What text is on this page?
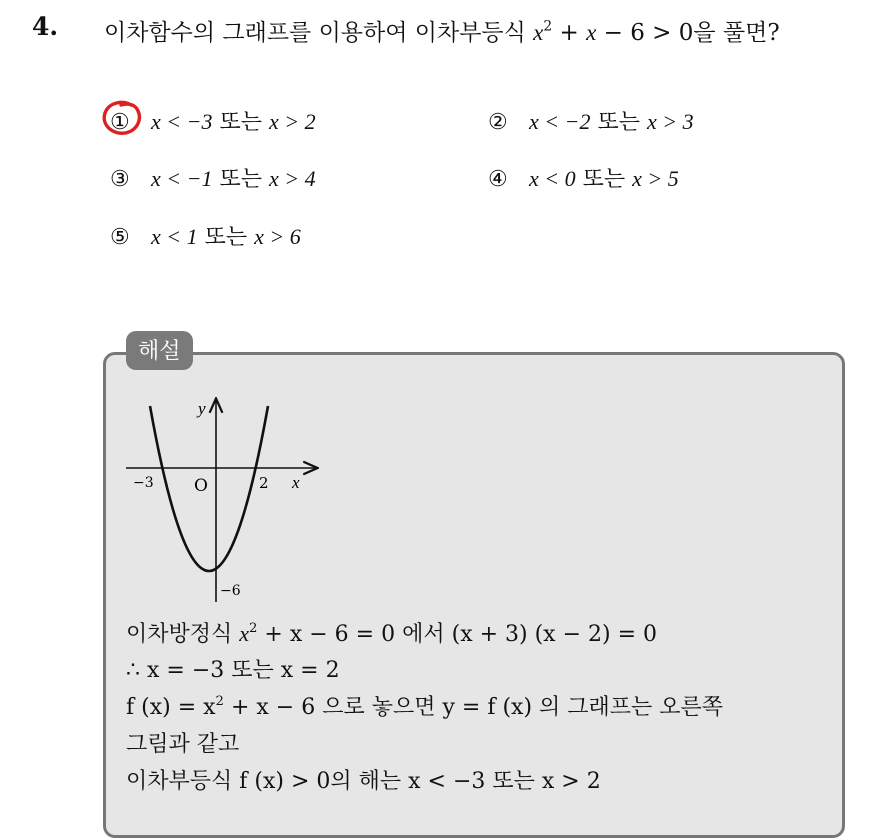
4. 이차함수의 그래프를 이용하여 이차부등식 $x^2 + x - 6 > 0$을 풀면?
① x < −3 또는 x > 2	② x < −2 또는 x > 3
③ x < −1 또는 x > 4	④ x < 0 또는 x > 5
⑤ x < 1 또는 x > 6
해설
y
x
O
−3	2
−6
이차방정식 $x^2 + x - 6 = 0$ 에서 (x + 3) (x − 2) = 0
∴ x = −3 또는 x = 2
f $(x) = x^2 + x - 6$ 으로 놓으면 y = f (x) 의 그래프는 오른쪽
그림과 같고
이차부등식 f (x) > 0의 해는 x < −3 또는 x > 2
